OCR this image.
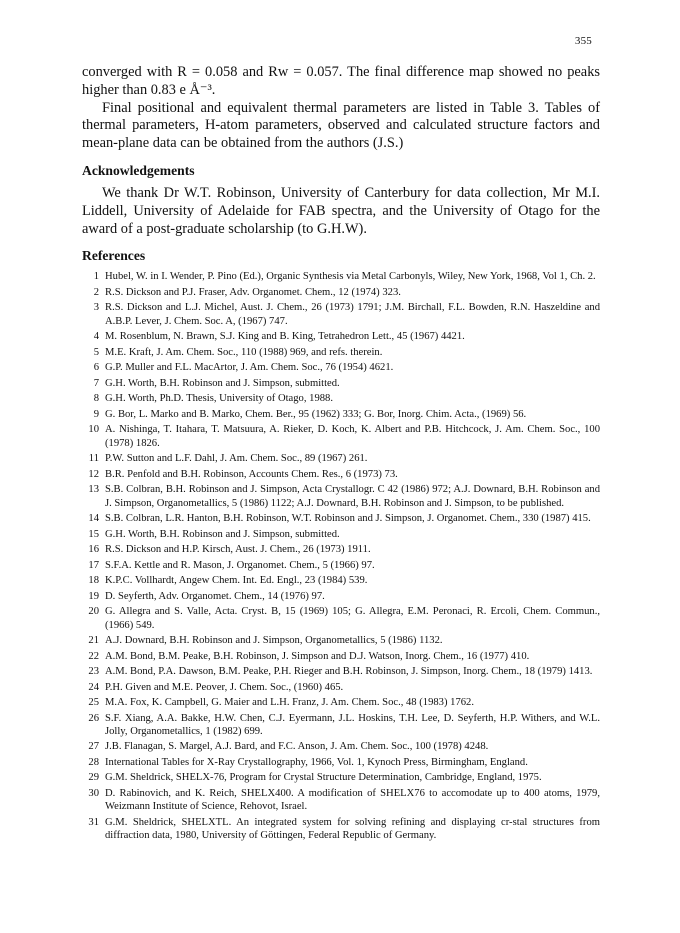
355

converged with R = 0.058 and Rw = 0.057. The final difference map showed no peaks higher than 0.83 e Å⁻³.

Final positional and equivalent thermal parameters are listed in Table 3. Tables of thermal parameters, H-atom parameters, observed and calculated structure factors and mean-plane data can be obtained from the authors (J.S.)

Acknowledgements

We thank Dr W.T. Robinson, University of Canterbury for data collection, Mr M.I. Liddell, University of Adelaide for FAB spectra, and the University of Otago for the award of a post-graduate scholarship (to G.H.W).

References
1 Hubel, W. in I. Wender, P. Pino (Ed.), Organic Synthesis via Metal Carbonyls, Wiley, New York, 1968, Vol 1, Ch. 2.
2 R.S. Dickson and P.J. Fraser, Adv. Organomet. Chem., 12 (1974) 323.
3 R.S. Dickson and L.J. Michel, Aust. J. Chem., 26 (1973) 1791; J.M. Birchall, F.L. Bowden, R.N. Haszeldine and A.B.P. Lever, J. Chem. Soc. A, (1967) 747.
4 M. Rosenblum, N. Brawn, S.J. King and B. King, Tetrahedron Lett., 45 (1967) 4421.
5 M.E. Kraft, J. Am. Chem. Soc., 110 (1988) 969, and refs. therein.
6 G.P. Muller and F.L. MacArtor, J. Am. Chem. Soc., 76 (1954) 4621.
7 G.H. Worth, B.H. Robinson and J. Simpson, submitted.
8 G.H. Worth, Ph.D. Thesis, University of Otago, 1988.
9 G. Bor, L. Marko and B. Marko, Chem. Ber., 95 (1962) 333; G. Bor, Inorg. Chim. Acta., (1969) 56.
10 A. Nishinga, T. Itahara, T. Matsuura, A. Rieker, D. Koch, K. Albert and P.B. Hitchcock, J. Am. Chem. Soc., 100 (1978) 1826.
11 P.W. Sutton and L.F. Dahl, J. Am. Chem. Soc., 89 (1967) 261.
12 B.R. Penfold and B.H. Robinson, Accounts Chem. Res., 6 (1973) 73.
13 S.B. Colbran, B.H. Robinson and J. Simpson, Acta Crystallogr. C 42 (1986) 972; A.J. Downard, B.H. Robinson and J. Simpson, Organometallics, 5 (1986) 1122; A.J. Downard, B.H. Robinson and J. Simpson, to be published.
14 S.B. Colbran, L.R. Hanton, B.H. Robinson, W.T. Robinson and J. Simpson, J. Organomet. Chem., 330 (1987) 415.
15 G.H. Worth, B.H. Robinson and J. Simpson, submitted.
16 R.S. Dickson and H.P. Kirsch, Aust. J. Chem., 26 (1973) 1911.
17 S.F.A. Kettle and R. Mason, J. Organomet. Chem., 5 (1966) 97.
18 K.P.C. Vollhardt, Angew Chem. Int. Ed. Engl., 23 (1984) 539.
19 D. Seyferth, Adv. Organomet. Chem., 14 (1976) 97.
20 G. Allegra and S. Valle, Acta. Cryst. B, 15 (1969) 105; G. Allegra, E.M. Peronaci, R. Ercoli, Chem. Commun., (1966) 549.
21 A.J. Downard, B.H. Robinson and J. Simpson, Organometallics, 5 (1986) 1132.
22 A.M. Bond, B.M. Peake, B.H. Robinson, J. Simpson and D.J. Watson, Inorg. Chem., 16 (1977) 410.
23 A.M. Bond, P.A. Dawson, B.M. Peake, P.H. Rieger and B.H. Robinson, J. Simpson, Inorg. Chem., 18 (1979) 1413.
24 P.H. Given and M.E. Peover, J. Chem. Soc., (1960) 465.
25 M.A. Fox, K. Campbell, G. Maier and L.H. Franz, J. Am. Chem. Soc., 48 (1983) 1762.
26 S.F. Xiang, A.A. Bakke, H.W. Chen, C.J. Eyermann, J.L. Hoskins, T.H. Lee, D. Seyferth, H.P. Withers, and W.L. Jolly, Organometallics, 1 (1982) 699.
27 J.B. Flanagan, S. Margel, A.J. Bard, and F.C. Anson, J. Am. Chem. Soc., 100 (1978) 4248.
28 International Tables for X-Ray Crystallography, 1966, Vol. 1, Kynoch Press, Birmingham, England.
29 G.M. Sheldrick, SHELX-76, Program for Crystal Structure Determination, Cambridge, England, 1975.
30 D. Rabinovich, and K. Reich, SHELX400. A modification of SHELX76 to accomodate up to 400 atoms, 1979, Weizmann Institute of Science, Rehovot, Israel.
31 G.M. Sheldrick, SHELXTL. An integrated system for solving refining and displaying cr-stal structures from diffraction data, 1980, University of Göttingen, Federal Republic of Germany.
